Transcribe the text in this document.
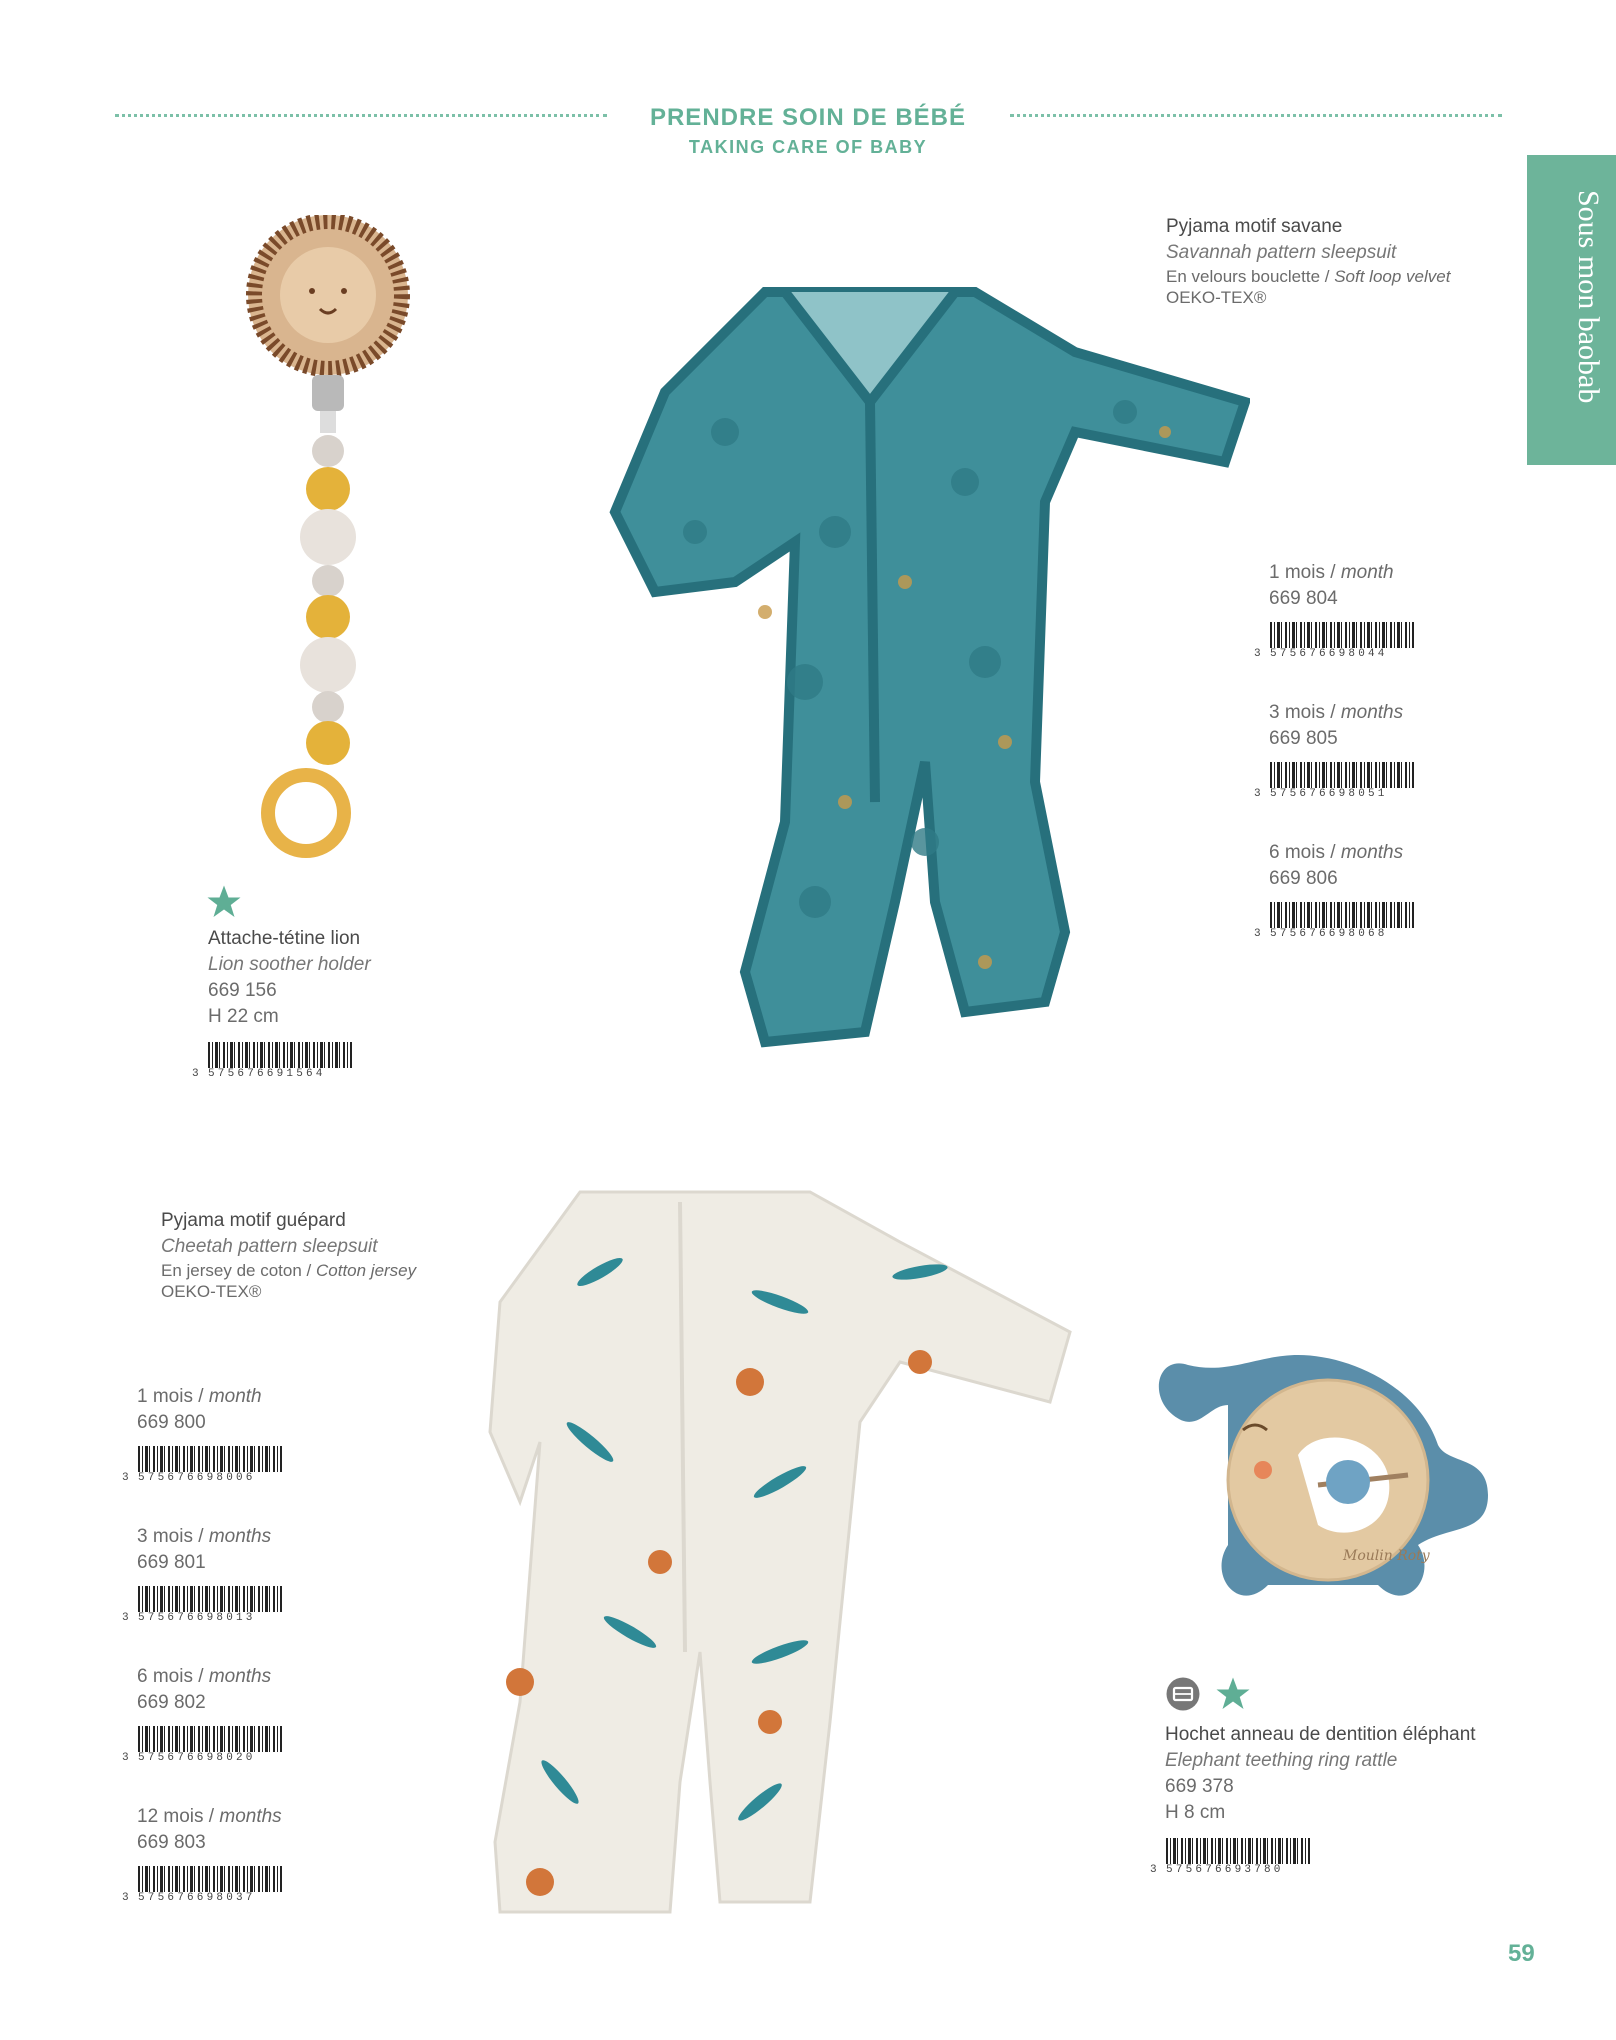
PRENDRE SOIN DE BÉBÉ
TAKING CARE OF BABY
Sous mon baobab
Attache-tétine lion
Lion soother holder
669 156
H 22 cm
3 575676691564
Pyjama motif savane
Savannah pattern sleepsuit
En velours bouclette / Soft loop velvet
OEKO-TEX®
1 mois / month
669 804
3 575676698044
3 mois / months
669 805
3 575676698051
6 mois / months
669 806
3 575676698068
Pyjama motif guépard
Cheetah pattern sleepsuit
En jersey de coton / Cotton jersey
OEKO-TEX®
1 mois / month
669 800
3 575676698006
3 mois / months
669 801
3 575676698013
6 mois / months
669 802
3 575676698020
12 mois / months
669 803
3 575676698037
Moulin Roty
Hochet anneau de dentition éléphant
Elephant teething ring rattle
669 378
H 8 cm
3 575676693780
59
